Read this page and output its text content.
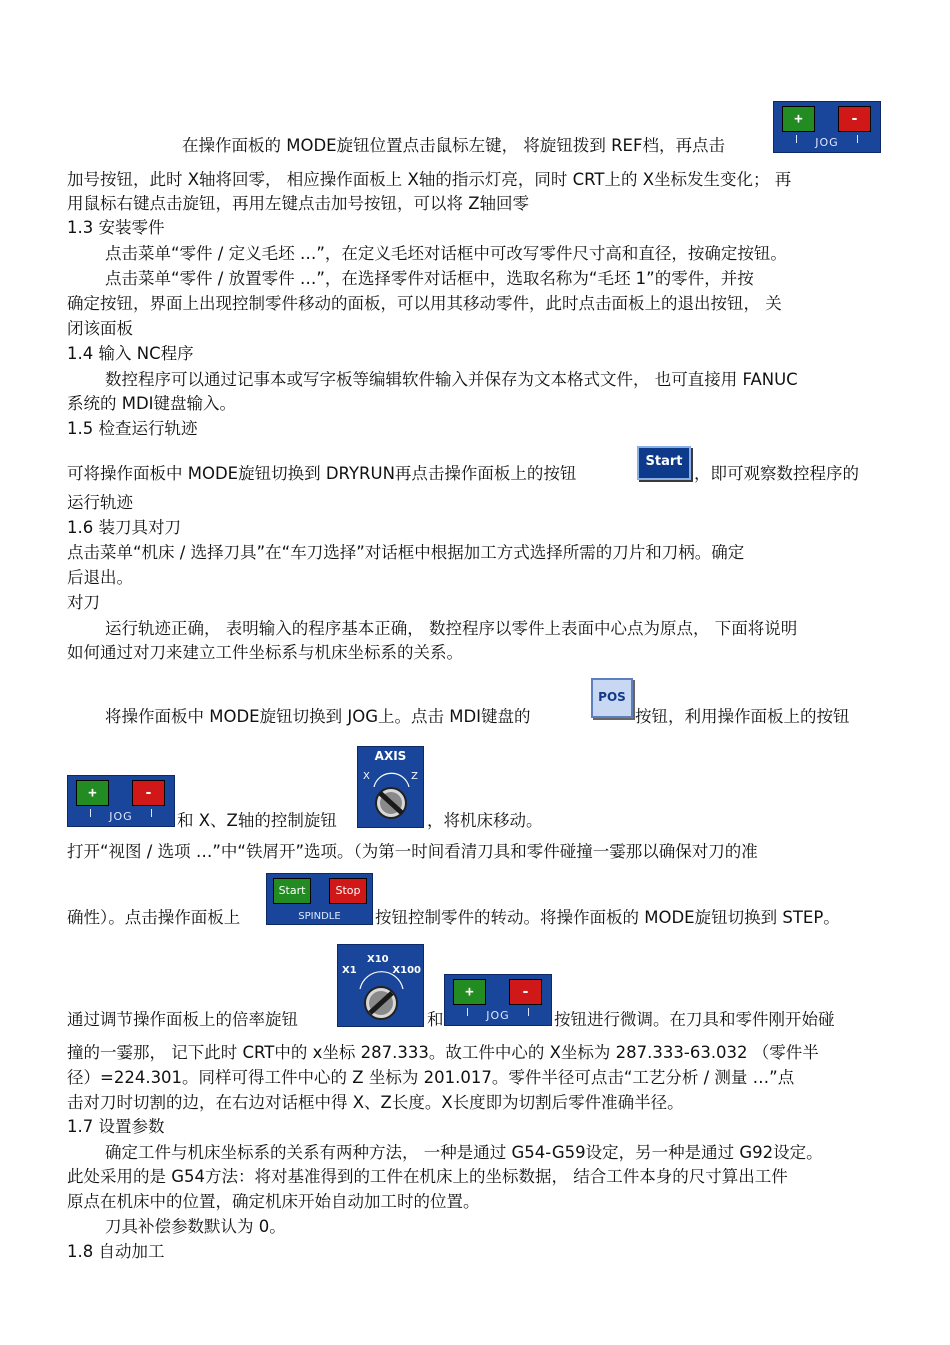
在操作面板的 MODE旋钮位置点击鼠标左键， 将旋钮拨到 REF档，再点击
+	-
JOG
加号按钮，此时 X轴将回零， 相应操作面板上 X轴的指示灯亮，同时 CRT上的 X坐标发生变化； 再
用鼠标右键点击旋钮，再用左键点击加号按钮，可以将 Z轴回零
1.3 安装零件
点击菜单“零件 / 定义毛坯 …”，在定义毛坯对话框中可改写零件尺寸高和直径，按确定按钮。
点击菜单“零件 / 放置零件 …”，在选择零件对话框中，选取名称为“毛坯 1”的零件，并按
确定按钮，界面上出现控制零件移动的面板，可以用其移动零件，此时点击面板上的退出按钮， 关
闭该面板
1.4 输入 NC程序
数控程序可以通过记事本或写字板等编辑软件输入并保存为文本格式文件， 也可直接用 FANUC
系统的 MDI键盘输入。
1.5 检查运行轨迹
可将操作面板中 MODE旋钮切换到 DRYRUN再点击操作面板上的按钮
Start
，即可观察数控程序的
运行轨迹
1.6 装刀具对刀
点击菜单“机床 / 选择刀具”在“车刀选择”对话框中根据加工方式选择所需的刀片和刀柄。确定
后退出。
对刀
运行轨迹正确， 表明输入的程序基本正确， 数控程序以零件上表面中心点为原点， 下面将说明
如何通过对刀来建立工件坐标系与机床坐标系的关系。
将操作面板中 MODE旋钮切换到 JOG上。点击 MDI键盘的
POS
按钮，利用操作面板上的按钮
+	-
JOG	和 X、Z轴的控制旋钮
AXIS
X	Z
，将机床移动。
打开“视图 / 选项 …”中“铁屑开”选项。（为第一时间看清刀具和零件碰撞一霎那以确保对刀的准
确性）。点击操作面板上
Start	Stop
SPINDLE	按钮控制零件的转动。将操作面板的 MODE旋钮切换到 STEP。
通过调节操作面板上的倍率旋钮
X1
X10
X100
和
+	-
JOG	按钮进行微调。在刀具和零件刚开始碰
撞的一霎那， 记下此时 CRT中的 x坐标 287.333。故工件中心的 X坐标为 287.333-63.032 （零件半
径）=224.301。同样可得工件中心的 Z 坐标为 201.017。零件半径可点击“工艺分析 / 测量 …”点
击对刀时切割的边，在右边对话框中得 X、Z长度。X长度即为切割后零件准确半径。
1.7 设置参数
确定工件与机床坐标系的关系有两种方法， 一种是通过 G54-G59设定，另一种是通过 G92设定。
此处采用的是 G54方法：将对基准得到的工件在机床上的坐标数据， 结合工件本身的尺寸算出工件
原点在机床中的位置，确定机床开始自动加工时的位置。
刀具补偿参数默认为 0。
1.8 自动加工
